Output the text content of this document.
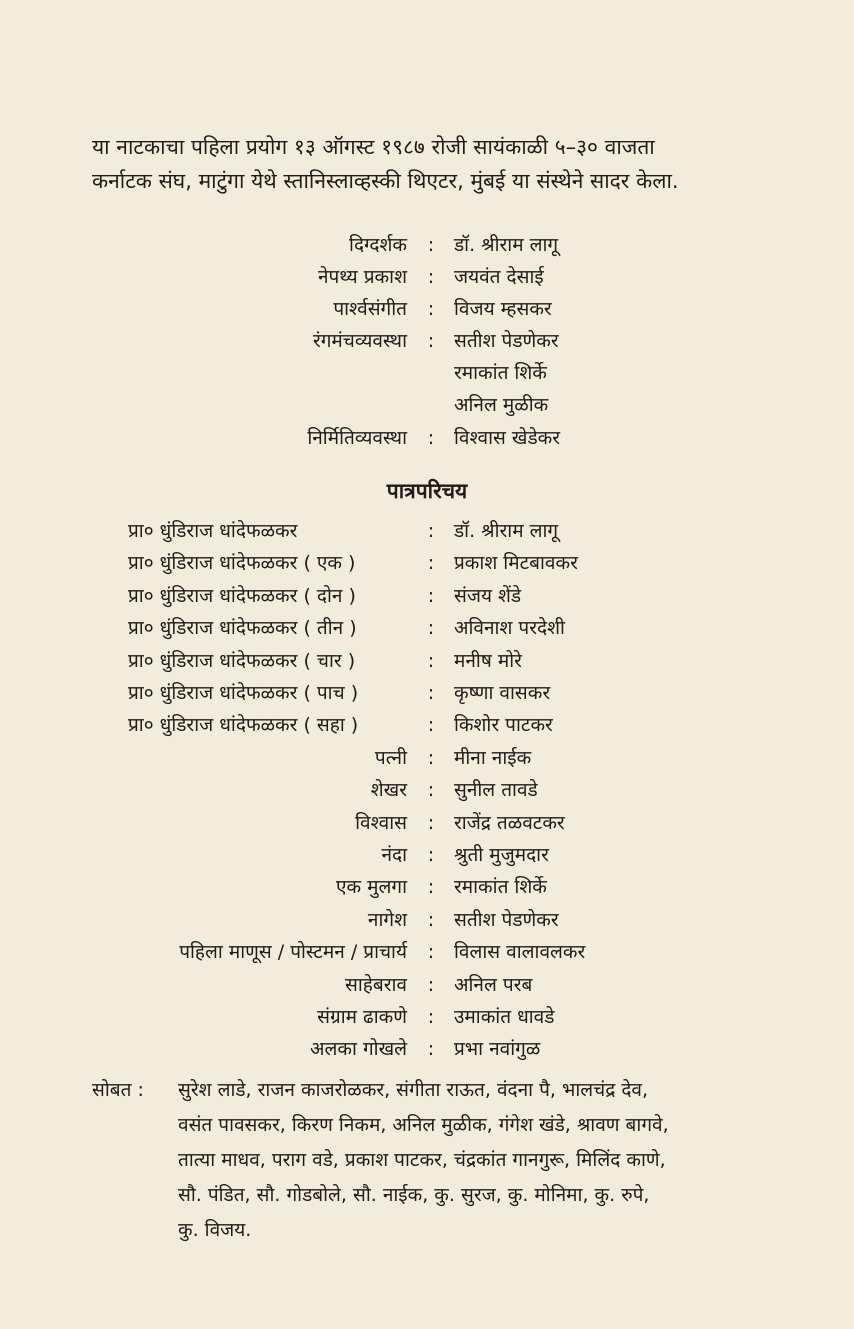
या नाटकाचा पहिला प्रयोग १३ ऑगस्ट १९८७ रोजी सायंकाळी ५–३० वाजता

कर्नाटक संघ, माटुंगा येथे स्तानिस्लाव्हस्की थिएटर, मुंबई या संस्थेने सादर केला.

दिग्दर्शक : डॉ. श्रीराम लागू
नेपथ्य प्रकाश : जयवंत देसाई
पार्श्वसंगीत : विजय म्हसकर
रंगमंचव्यवस्था : सतीश पेडणेकर
रमाकांत शिर्के
अनिल मुळीक
निर्मितिव्यवस्था : विश्वास खेडेकर
पात्रपरिचय
प्रा० धुंडिराज धांदेफळकर	: डॉ. श्रीराम लागू
प्रा० धुंडिराज धांदेफळकर ( एक )	: प्रकाश मिटबावकर
प्रा० धुंडिराज धांदेफळकर ( दोन )	: संजय शेंडे
प्रा० धुंडिराज धांदेफळकर ( तीन )	: अविनाश परदेशी
प्रा० धुंडिराज धांदेफळकर ( चार )	: मनीष मोरे
प्रा० धुंडिराज धांदेफळकर ( पाच )	: कृष्णा वासकर
प्रा० धुंडिराज धांदेफळकर ( सहा )	: किशोर पाटकर
पत्नी : मीना नाईक
शेखर : सुनील तावडे
विश्वास : राजेंद्र तळवटकर
नंदा : श्रुती मुजुमदार
एक मुलगा : रमाकांत शिर्के
नागेश : सतीश पेडणेकर
पहिला माणूस / पोस्टमन / प्राचार्य : विलास वालावलकर
साहेबराव : अनिल परब
संग्राम ढाकणे : उमाकांत धावडे
अलका गोखले : प्रभा नवांगुळ
सोबत : सुरेश लाडे, राजन काजरोळकर, संगीता राऊत, वंदना पै, भालचंद्र देव,
वसंत पावसकर, किरण निकम, अनिल मुळीक, गंगेश खंडे, श्रावण बागवे,
तात्या माधव, पराग वडे, प्रकाश पाटकर, चंद्रकांत गानगुरू, मिलिंद काणे,
सौ. पंडित, सौ. गोडबोले, सौ. नाईक, कु. सुरज, कु. मोनिमा, कु. रुपे,
कु. विजय.
